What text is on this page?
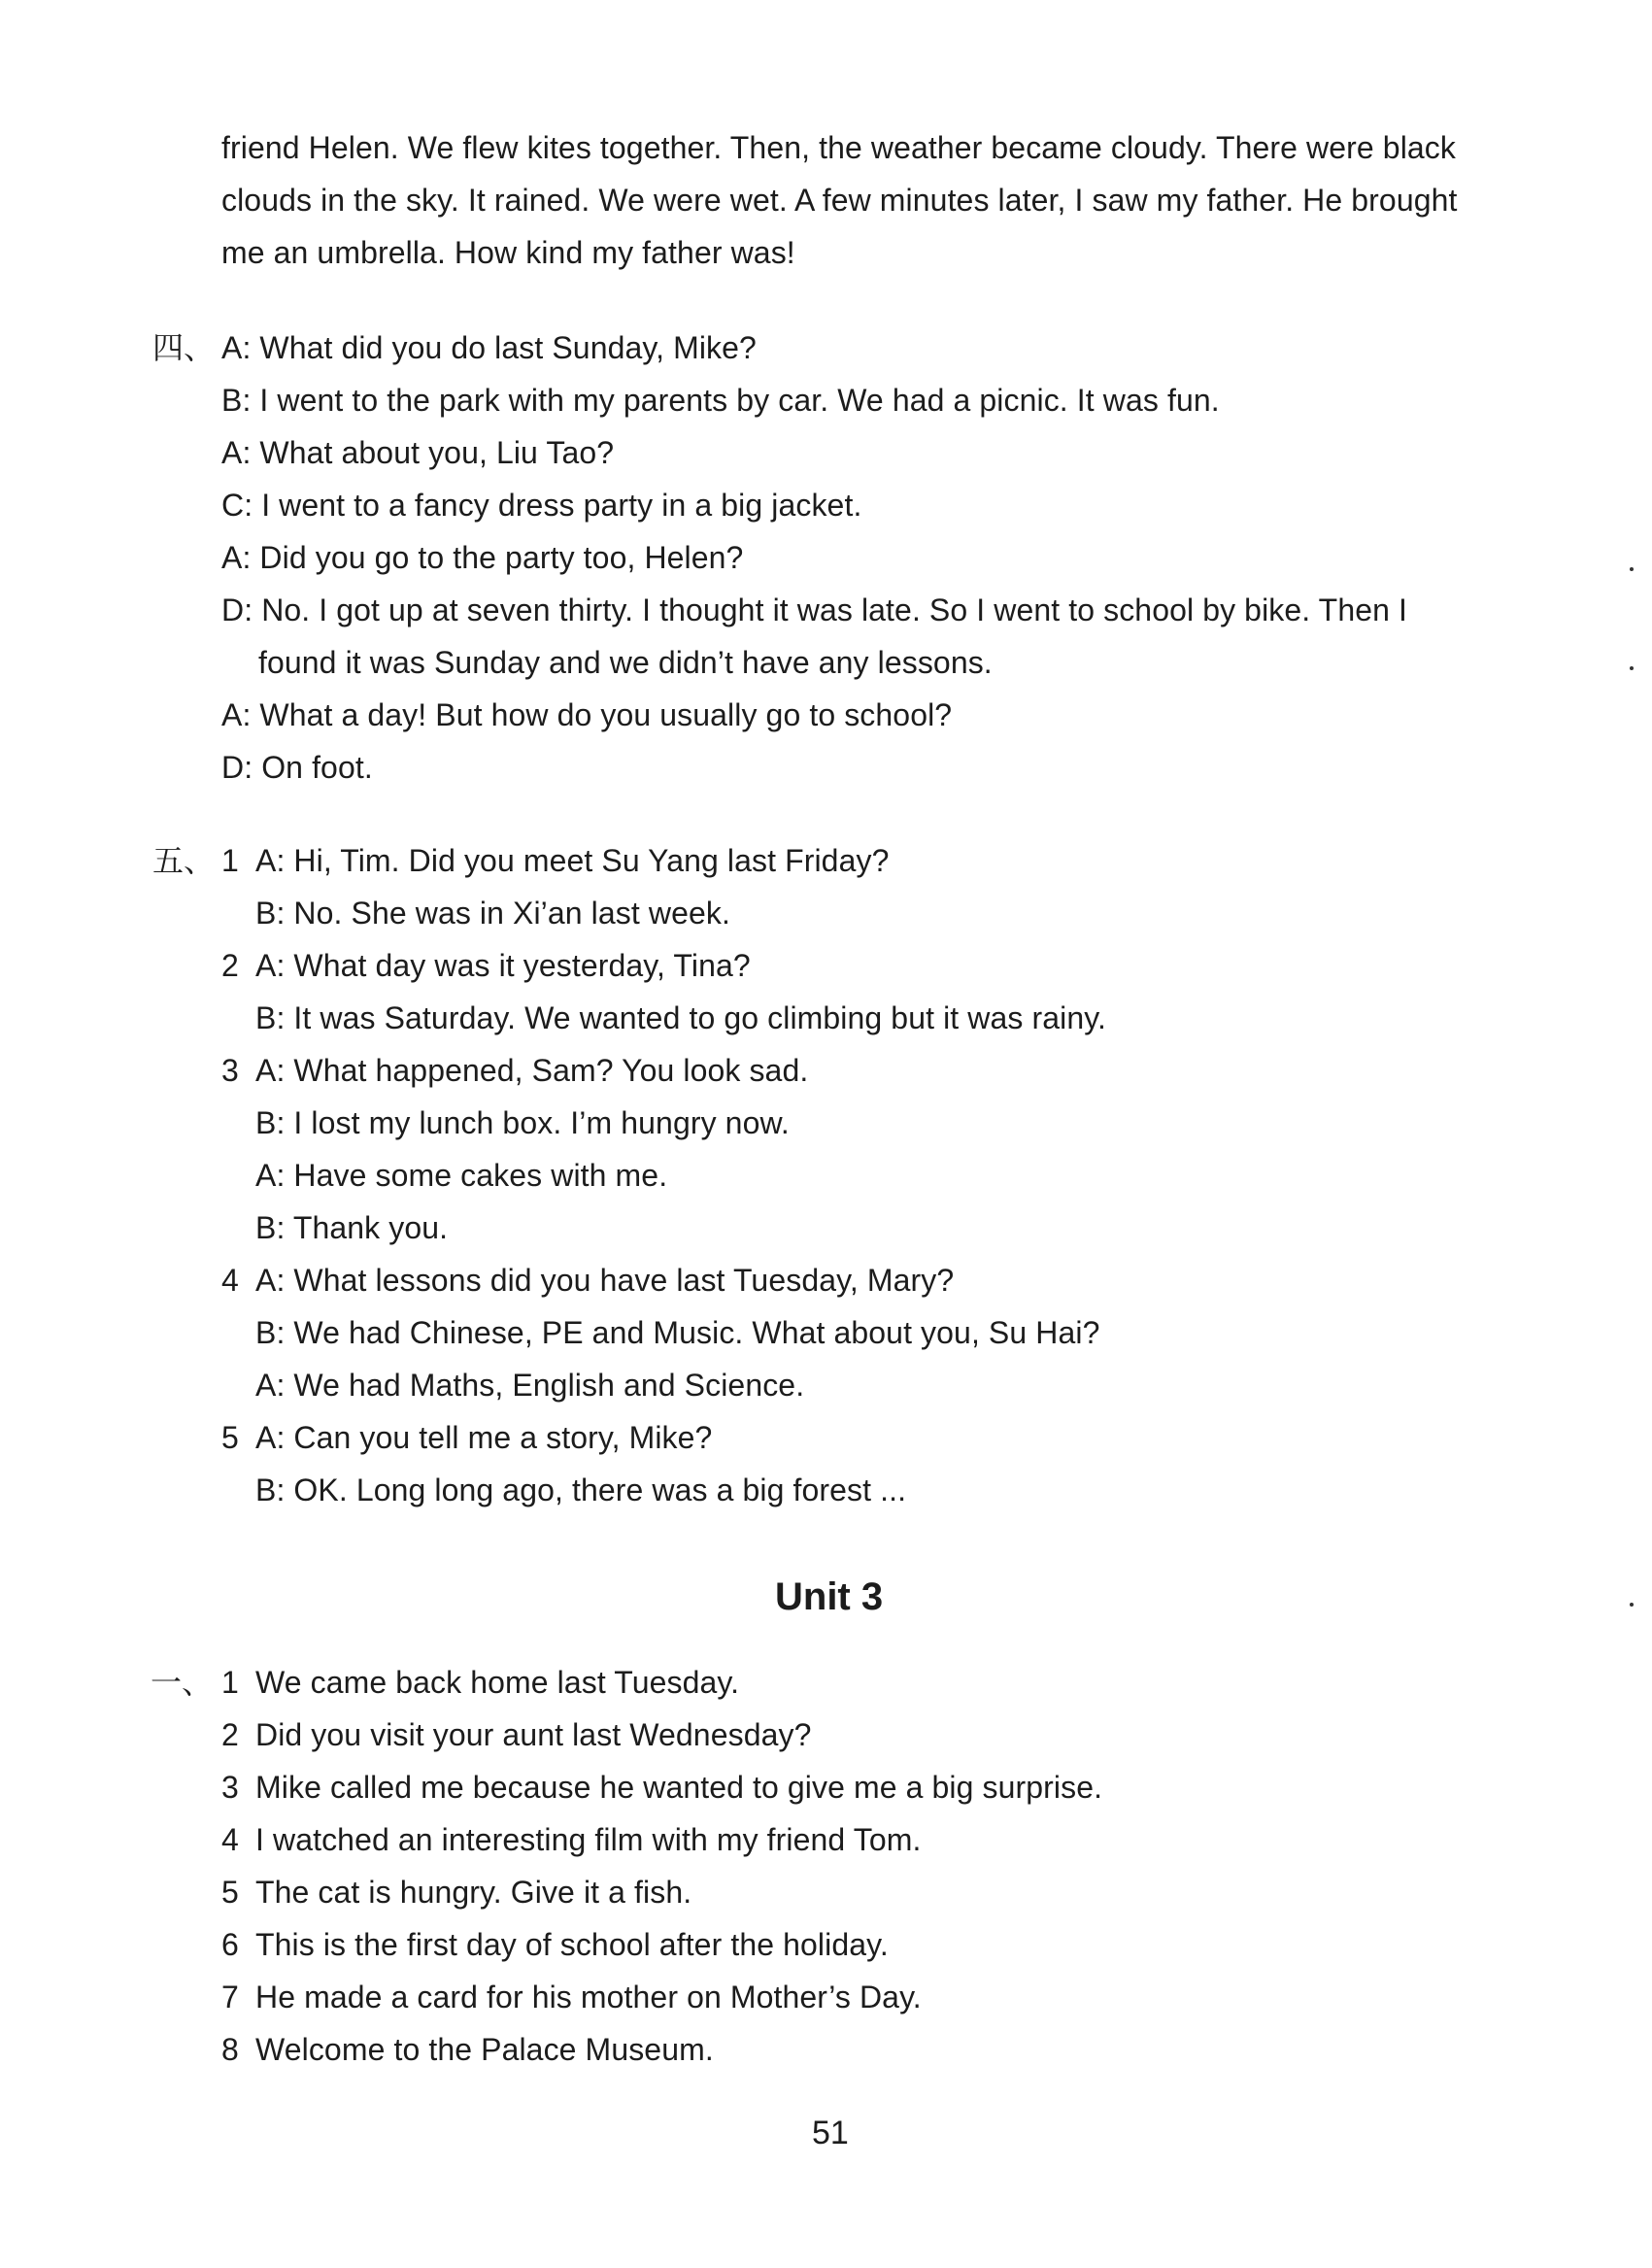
friend Helen. We flew kites together. Then, the weather became cloudy. There were black
clouds in the sky. It rained. We were wet. A few minutes later, I saw my father. He brought
me an umbrella. How kind my father was!
四、 A: What did you do last Sunday, Mike?
B: I went to the park with my parents by car. We had a picnic. It was fun.
A: What about you, Liu Tao?
C: I went to a fancy dress party in a big jacket.
A: Did you go to the party too, Helen?
D: No. I got up at seven thirty. I thought it was late. So I went to school by bike. Then I
found it was Sunday and we didn’t have any lessons.
A: What a day! But how do you usually go to school?
D: On foot.
五、 1 A: Hi, Tim. Did you meet Su Yang last Friday?
B: No. She was in Xi’an last week.
2 A: What day was it yesterday, Tina?
B: It was Saturday. We wanted to go climbing but it was rainy.
3 A: What happened, Sam? You look sad.
B: I lost my lunch box. I’m hungry now.
A: Have some cakes with me.
B: Thank you.
4 A: What lessons did you have last Tuesday, Mary?
B: We had Chinese, PE and Music. What about you, Su Hai?
A: We had Maths, English and Science.
5 A: Can you tell me a story, Mike?
B: OK. Long long ago, there was a big forest ...
Unit 3
一、 1 We came back home last Tuesday.
2 Did you visit your aunt last Wednesday?
3 Mike called me because he wanted to give me a big surprise.
4 I watched an interesting film with my friend Tom.
5 The cat is hungry. Give it a fish.
6 This is the first day of school after the holiday.
7 He made a card for his mother on Mother’s Day.
8 Welcome to the Palace Museum.
51
